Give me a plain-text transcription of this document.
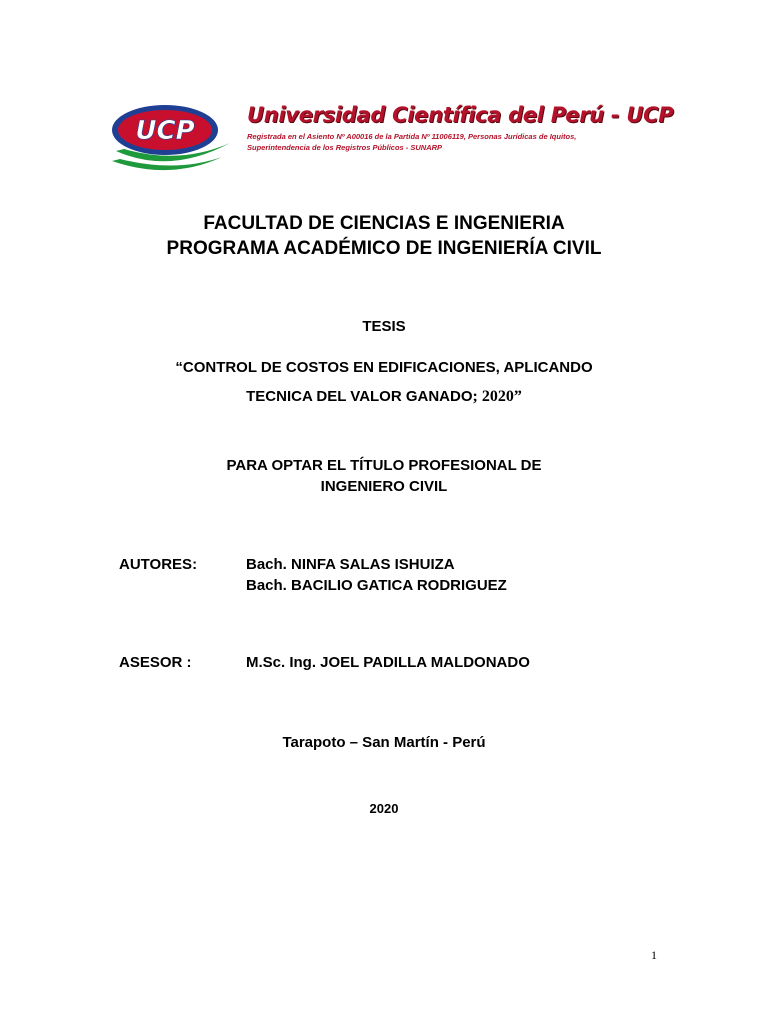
UCP
Universidad Científica del Perú - UCP
Registrada en el Asiento Nº A00016 de la Partida Nº 11006119, Personas Jurídicas de Iquitos,
Superintendencia de los Registros Públicos - SUNARP
FACULTAD DE CIENCIAS E INGENIERIA
PROGRAMA ACADÉMICO DE INGENIERÍA CIVIL
TESIS
“CONTROL DE COSTOS EN EDIFICACIONES, APLICANDO
TECNICA DEL VALOR GANADO; 2020”
PARA OPTAR EL TÍTULO PROFESIONAL DE
INGENIERO CIVIL
AUTORES:	Bach. NINFA SALAS ISHUIZA
Bach. BACILIO GATICA RODRIGUEZ
ASESOR :	M.Sc. Ing. JOEL PADILLA MALDONADO
Tarapoto – San Martín - Perú
2020
1
